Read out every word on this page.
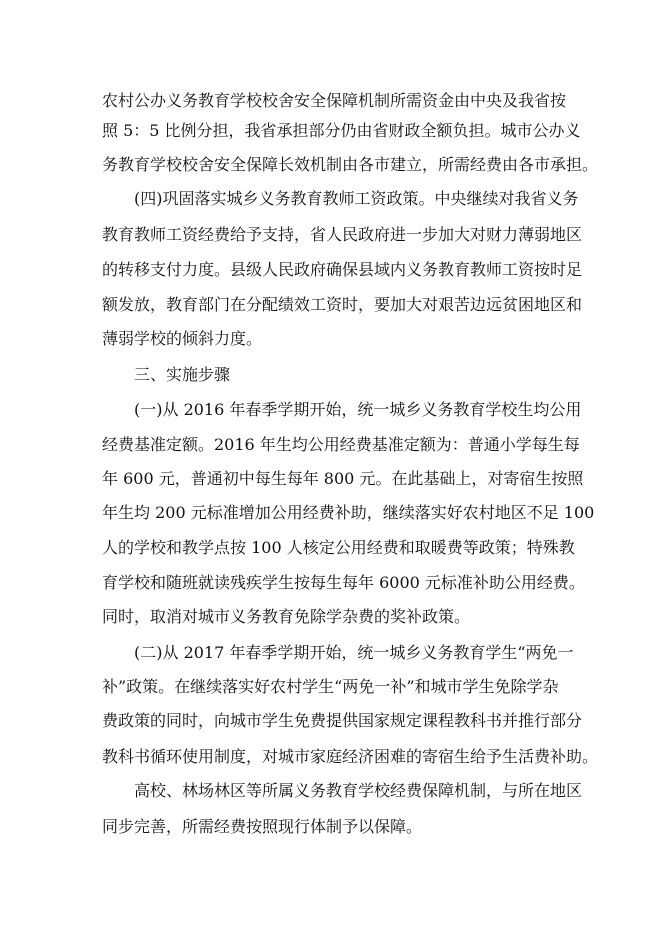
农村公办义务教育学校校舍安全保障机制所需资金由中央及我省按
照 5：5 比例分担，我省承担部分仍由省财政全额负担。城市公办义
务教育学校校舍安全保障长效机制由各市建立，所需经费由各市承担。
(四)巩固落实城乡义务教育教师工资政策。中央继续对我省义务
教育教师工资经费给予支持，省人民政府进一步加大对财力薄弱地区
的转移支付力度。县级人民政府确保县域内义务教育教师工资按时足
额发放，教育部门在分配绩效工资时，要加大对艰苦边远贫困地区和
薄弱学校的倾斜力度。
三、实施步骤
(一)从 2016 年春季学期开始，统一城乡义务教育学校生均公用
经费基准定额。2016 年生均公用经费基准定额为：普通小学每生每
年 600 元，普通初中每生每年 800 元。在此基础上，对寄宿生按照
年生均 200 元标准增加公用经费补助，继续落实好农村地区不足 100
人的学校和教学点按 100 人核定公用经费和取暖费等政策；特殊教
育学校和随班就读残疾学生按每生每年 6000 元标准补助公用经费。
同时，取消对城市义务教育免除学杂费的奖补政策。
(二)从 2017 年春季学期开始，统一城乡义务教育学生“两免一
补”政策。在继续落实好农村学生“两免一补”和城市学生免除学杂
费政策的同时，向城市学生免费提供国家规定课程教科书并推行部分
教科书循环使用制度，对城市家庭经济困难的寄宿生给予生活费补助。
高校、林场林区等所属义务教育学校经费保障机制，与所在地区
同步完善，所需经费按照现行体制予以保障。
